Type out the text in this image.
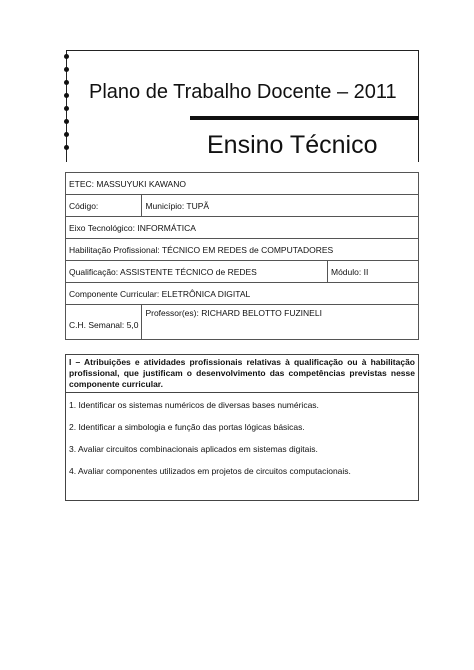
Plano de Trabalho Docente – 2011
Ensino Técnico
ETEC: MASSUYUKI KAWANO		
Código:	Município: TUPÃ	
Eixo Tecnológico: INFORMÁTICA		
Habilitação Profissional: TÉCNICO EM REDES de COMPUTADORES		
Qualificação: ASSISTENTE TÉCNICO de REDES		Módulo: II
Componente Curricular: ELETRÔNICA DIGITAL		
C.H. Semanal: 5,0	Professor(es): RICHARD BELOTTO FUZINELI	
I – Atribuições e atividades profissionais relativas à qualificação ou à habilitação profissional, que justificam o desenvolvimento das competências previstas nesse componente curricular.
1. Identificar os sistemas numéricos de diversas bases numéricas.
2. Identificar a simbologia e função das portas lógicas básicas.
3. Avaliar circuitos combinacionais aplicados em sistemas digitais.
4. Avaliar componentes utilizados em projetos de circuitos computacionais.
